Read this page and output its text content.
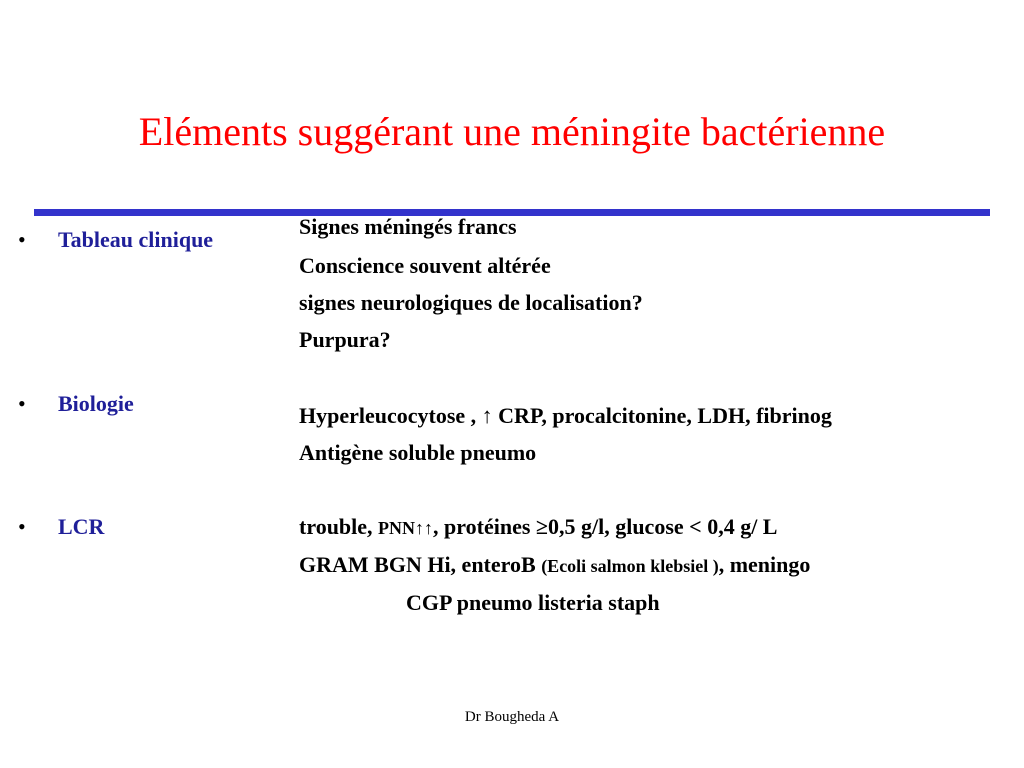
Eléments suggérant une méningite bactérienne
• Tableau clinique
• Biologie
• LCR
Signes méningés francs
Conscience souvent altérée
signes neurologiques de localisation?
Purpura?
Hyperleucocytose , ↑ CRP, procalcitonine, LDH, fibrinog
Antigène soluble pneumo
trouble, PNN↑↑, protéines ≥0,5 g/l, glucose < 0,4 g/ L
GRAM BGN Hi, enteroB (Ecoli salmon klebsiel ), meningo
CGP pneumo listeria staph
Dr Bougheda A
